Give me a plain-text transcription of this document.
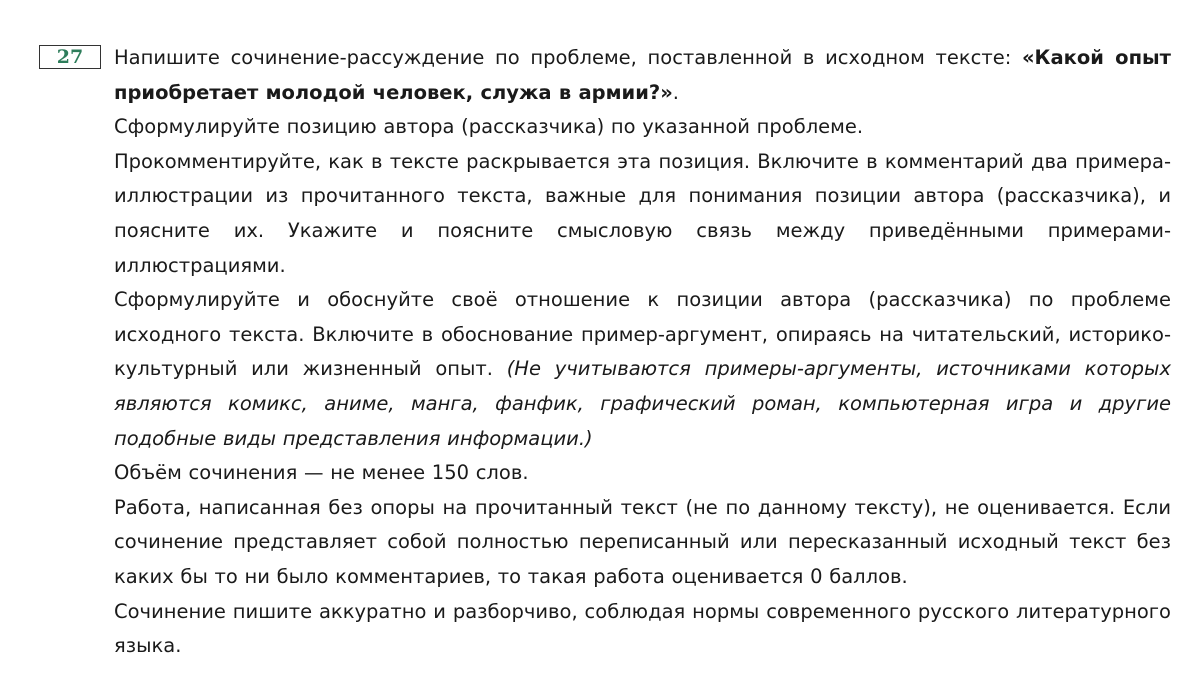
27	Напишите сочинение-рассуждение по проблеме, поставленной в исходном тексте: «Какой опыт приобретает молодой человек, служа в армии?».

Сформулируйте позицию автора (рассказчика) по указанной проблеме.

Прокомментируйте, как в тексте раскрывается эта позиция. Включите в комментарий два примера-иллюстрации из прочитанного текста, важные для понимания позиции автора (рассказчика), и поясните их. Укажите и поясните смысловую связь между приведёнными примерами-иллюстрациями.

Сформулируйте и обоснуйте своё отношение к позиции автора (рассказчика) по проблеме исходного текста. Включите в обоснование пример-аргумент, опираясь на читательский, историко-культурный или жизненный опыт. (Не учитываются примеры-аргументы, источниками которых являются комикс, аниме, манга, фанфик, графический роман, компьютерная игра и другие подобные виды представления информации.)

Объём сочинения — не менее 150 слов.

Работа, написанная без опоры на прочитанный текст (не по данному тексту), не оценивается. Если сочинение представляет собой полностью переписанный или пересказанный исходный текст без каких бы то ни было комментариев, то такая работа оценивается 0 баллов.

Сочинение пишите аккуратно и разборчиво, соблюдая нормы современного русского литературного языка.
